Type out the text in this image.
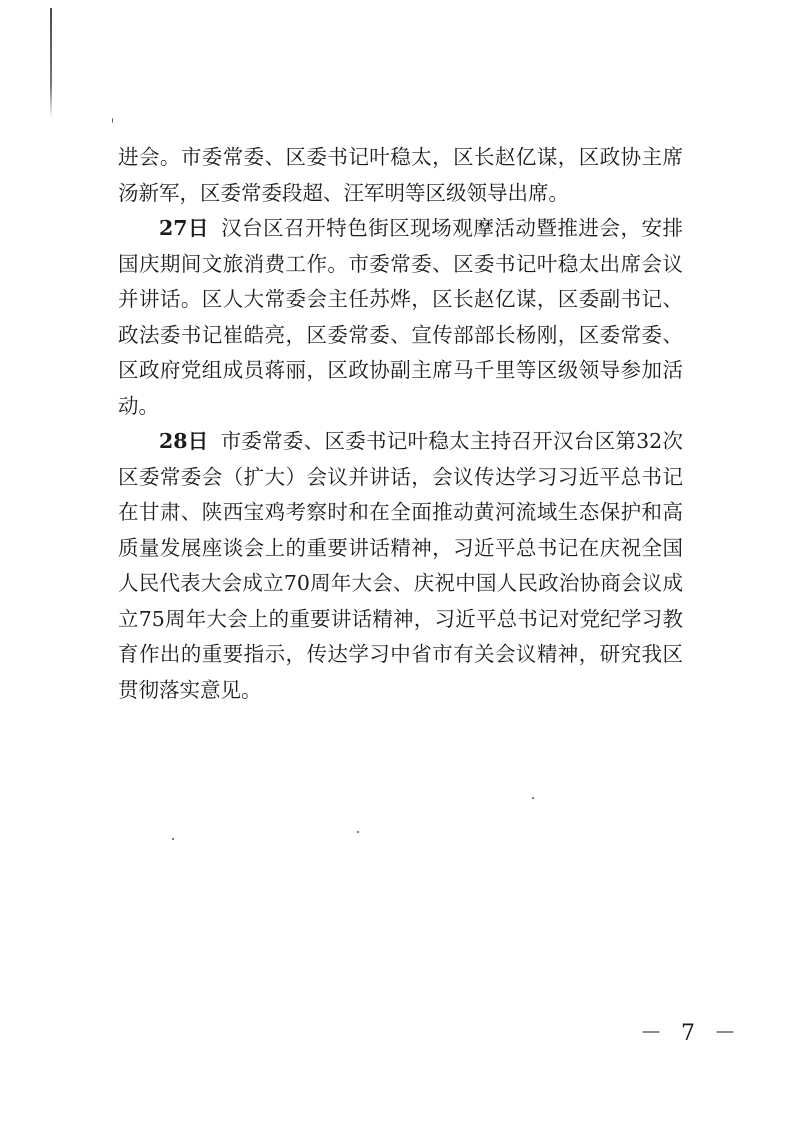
进会。市委常委、区委书记叶稳太，区长赵亿谋，区政协主席汤新军，区委常委段超、汪军明等区级领导出席。

27日 汉台区召开特色街区现场观摩活动暨推进会，安排国庆期间文旅消费工作。市委常委、区委书记叶稳太出席会议并讲话。区人大常委会主任苏烨，区长赵亿谋，区委副书记、政法委书记崔皓亮，区委常委、宣传部部长杨刚，区委常委、区政府党组成员蒋丽，区政协副主席马千里等区级领导参加活动。

28日 市委常委、区委书记叶稳太主持召开汉台区第32次区委常委会（扩大）会议并讲话，会议传达学习习近平总书记在甘肃、陕西宝鸡考察时和在全面推动黄河流域生态保护和高质量发展座谈会上的重要讲话精神，习近平总书记在庆祝全国人民代表大会成立70周年大会、庆祝中国人民政治协商会议成立75周年大会上的重要讲话精神，习近平总书记对党纪学习教育作出的重要指示，传达学习中省市有关会议精神，研究我区贯彻落实意见。

－ 7 －
